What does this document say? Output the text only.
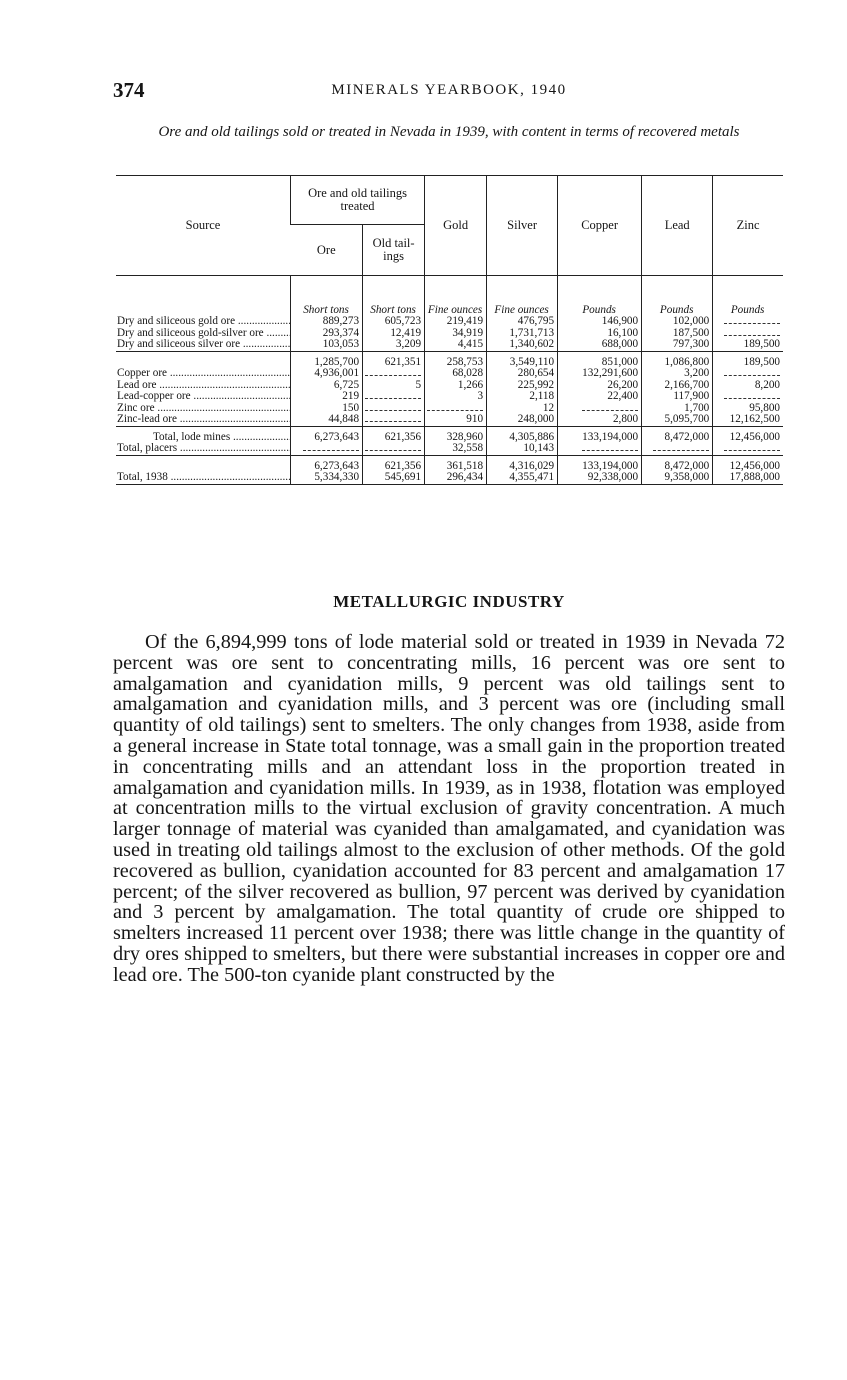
374	MINERALS YEARBOOK, 1940
Ore and old tailings sold or treated in Nevada in 1939, with content in terms of recovered metals
Source	Ore and old tailings treated		Gold	Silver	Copper	Lead	Zinc
	Ore	Old tail-ings					
	Short tons	Short tons	Fine ounces	Fine ounces	Pounds	Pounds	Pounds
Dry and siliceous gold ore .....	889,273	605,723	219,419	476,795	146,900	102,000	
Dry and siliceous gold-silver ore .....	293,374	12,419	34,919	1,731,713	16,100	187,500	
Dry and siliceous silver ore .....	103,053	3,209	4,415	1,340,602	688,000	797,300	189,500
	1,285,700	621,351	258,753	3,549,110	851,000	1,086,800	189,500
Copper ore .....	4,936,001		68,028	280,654	132,291,600	3,200	
Lead ore .....	6,725	5	1,266	225,992	26,200	2,166,700	8,200
Lead-copper ore .....	219		3	2,118	22,400	117,900	
Zinc ore .....	150			12		1,700	95,800
Zinc-lead ore .....	44,848		910	248,000	2,800	5,095,700	12,162,500
Total, lode mines .....	6,273,643	621,356	328,960	4,305,886	133,194,000	8,472,000	12,456,000
Total, placers .....			32,558	10,143			
	6,273,643	621,356	361,518	4,316,029	133,194,000	8,472,000	12,456,000
Total, 1938 .....	5,334,330	545,691	296,434	4,355,471	92,338,000	9,358,000	17,888,000
METALLURGIC INDUSTRY

Of the 6,894,999 tons of lode material sold or treated in 1939 in Nevada 72 percent was ore sent to concentrating mills, 16 percent was ore sent to amalgamation and cyanidation mills, 9 percent was old tailings sent to amalgamation and cyanidation mills, and 3 percent was ore (including small quantity of old tailings) sent to smelters. The only changes from 1938, aside from a general increase in State total tonnage, was a small gain in the proportion treated in concentrating mills and an attendant loss in the proportion treated in amalgamation and cyanidation mills. In 1939, as in 1938, flotation was employed at concentration mills to the virtual exclusion of gravity concentration. A much larger tonnage of material was cyanided than amalgamated, and cyanidation was used in treating old tailings almost to the exclusion of other methods. Of the gold recovered as bullion, cyanidation accounted for 83 percent and amalgamation 17 percent; of the silver recovered as bullion, 97 percent was derived by cyanidation and 3 percent by amalgamation. The total quantity of crude ore shipped to smelters increased 11 percent over 1938; there was little change in the quantity of dry ores shipped to smelters, but there were substantial increases in copper ore and lead ore. The 500-ton cyanide plant constructed by the
